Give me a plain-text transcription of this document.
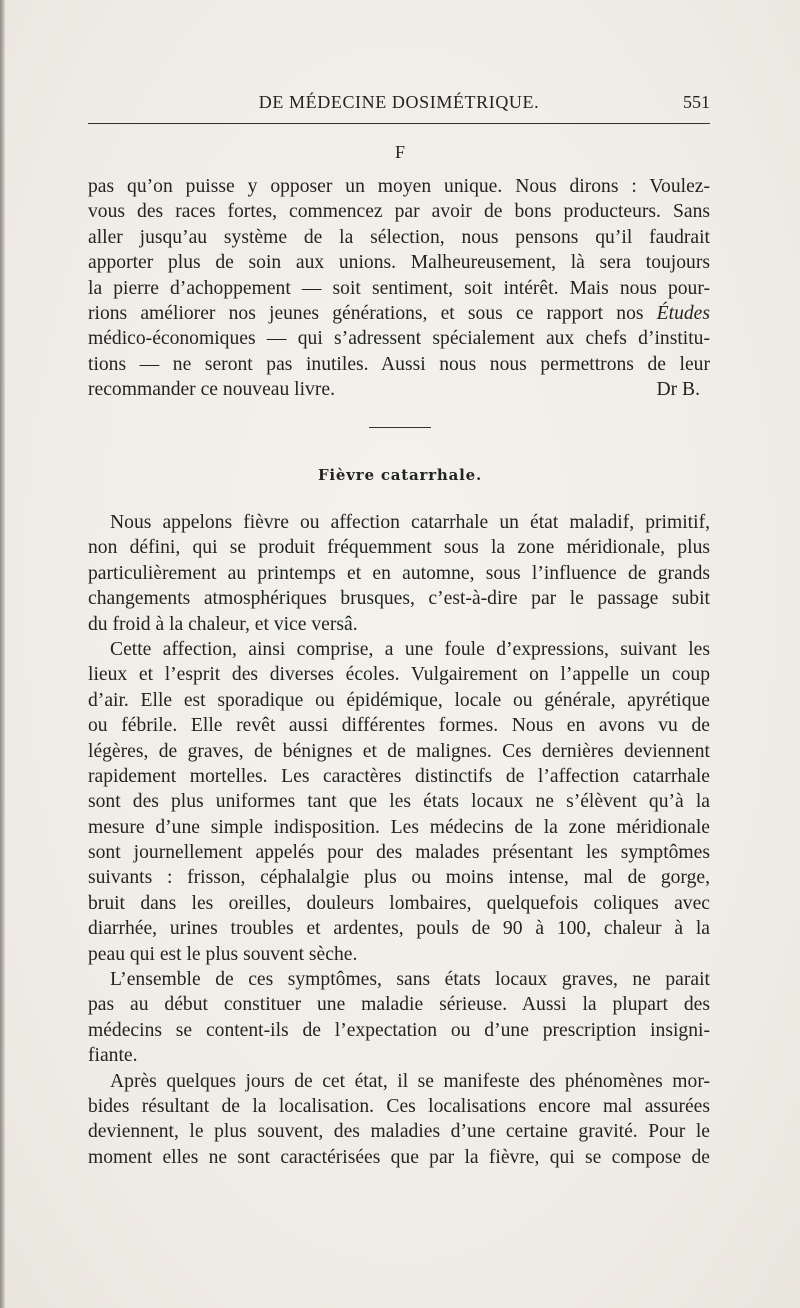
DE MÉDECINE DOSIMÉTRIQUE.	551
F
pas qu’on puisse y opposer un moyen unique. Nous dirons : Voulez-
vous des races fortes, commencez par avoir de bons producteurs. Sans
aller jusqu’au système de la sélection, nous pensons qu’il faudrait
apporter plus de soin aux unions. Malheureusement, là sera toujours
la pierre d’achoppement — soit sentiment, soit intérêt. Mais nous pour-
rions améliorer nos jeunes générations, et sous ce rapport nos Études
médico-économiques — qui s’adressent spécialement aux chefs d’institu-
tions — ne seront pas inutiles. Aussi nous nous permettrons de leur
recommander ce nouveau livre.	Dr B.
Fièvre catarrhale.
Nous appelons fièvre ou affection catarrhale un état maladif, primitif,
non défini, qui se produit fréquemment sous la zone méridionale, plus
particulièrement au printemps et en automne, sous l’influence de grands
changements atmosphériques brusques, c’est-à-dire par le passage subit
du froid à la chaleur, et vice versâ.
Cette affection, ainsi comprise, a une foule d’expressions, suivant les
lieux et l’esprit des diverses écoles. Vulgairement on l’appelle un coup
d’air. Elle est sporadique ou épidémique, locale ou générale, apyrétique
ou fébrile. Elle revêt aussi différentes formes. Nous en avons vu de
légères, de graves, de bénignes et de malignes. Ces dernières deviennent
rapidement mortelles. Les caractères distinctifs de l’affection catarrhale
sont des plus uniformes tant que les états locaux ne s’élèvent qu’à la
mesure d’une simple indisposition. Les médecins de la zone méridionale
sont journellement appelés pour des malades présentant les symptômes
suivants : frisson, céphalalgie plus ou moins intense, mal de gorge,
bruit dans les oreilles, douleurs lombaires, quelquefois coliques avec
diarrhée, urines troubles et ardentes, pouls de 90 à 100, chaleur à la
peau qui est le plus souvent sèche.
L’ensemble de ces symptômes, sans états locaux graves, ne parait
pas au début constituer une maladie sérieuse. Aussi la plupart des
médecins se content-ils de l’expectation ou d’une prescription insigni-
fiante.
Après quelques jours de cet état, il se manifeste des phénomènes mor-
bides résultant de la localisation. Ces localisations encore mal assurées
deviennent, le plus souvent, des maladies d’une certaine gravité. Pour le
moment elles ne sont caractérisées que par la fièvre, qui se compose de
